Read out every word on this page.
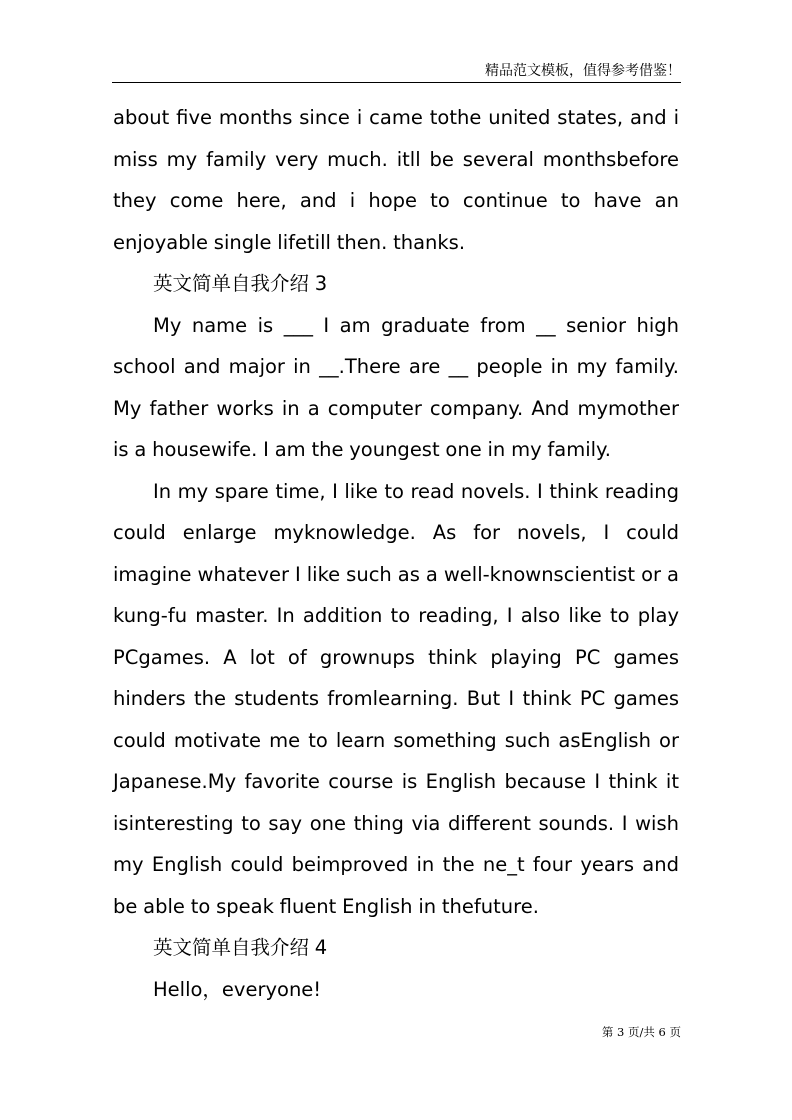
精品范文模板，值得参考借鉴！

about five months since i came tothe united states, and i miss my family very much. itll be several monthsbefore they come here, and i hope to continue to have an enjoyable single lifetill then. thanks.

英文简单自我介绍 3

My name is ___ I am graduate from __ senior high school and major in __.There are __ people in my family. My father works in a computer company. And mymother is a housewife. I am the youngest one in my family.

In my spare time, I like to read novels. I think reading could enlarge myknowledge. As for novels, I could imagine whatever I like such as a well-knownscientist or a kung-fu master. In addition to reading, I also like to play PCgames. A lot of grownups think playing PC games hinders the students fromlearning. But I think PC games could motivate me to learn something such asEnglish or Japanese.My favorite course is English because I think it isinteresting to say one thing via different sounds. I wish my English could beimproved in the ne_t four years and be able to speak fluent English in thefuture.

英文简单自我介绍 4

Hello，everyone!

第 3 页/共 6 页
